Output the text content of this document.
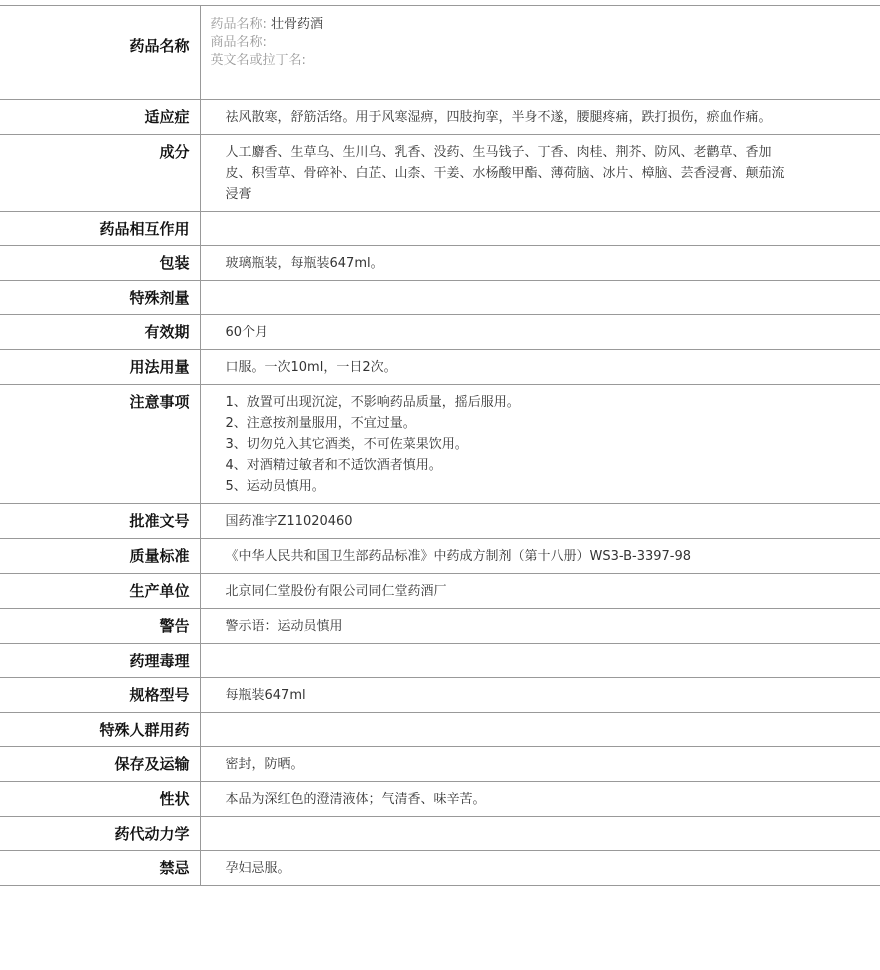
药品名称	药品名称: 壮骨药酒
商品名称:
英文名或拉丁名:

适应症	祛风散寒，舒筋活络。用于风寒湿痹，四肢拘挛，半身不遂，腰腿疼痛，跌打损伤，瘀血作痛。

成分	人工麝香、生草乌、生川乌、乳香、没药、生马钱子、丁香、肉桂、荆芥、防风、老鹳草、香加皮、积雪草、骨碎补、白芷、山柰、干姜、水杨酸甲酯、薄荷脑、冰片、樟脑、芸香浸膏、颠茄流浸膏

药品相互作用	

包装	玻璃瓶装，每瓶装647ml。

特殊剂量	

有效期	60个月

用法用量	口服。一次10ml，一日2次。

注意事项	1、放置可出现沉淀，不影响药品质量，摇后服用。
2、注意按剂量服用，不宜过量。
3、切勿兑入其它酒类，不可佐菜果饮用。
4、对酒精过敏者和不适饮酒者慎用。
5、运动员慎用。

批准文号	国药准字Z11020460

质量标准	《中华人民共和国卫生部药品标准》中药成方制剂（第十八册）WS3-B-3397-98

生产单位	北京同仁堂股份有限公司同仁堂药酒厂

警告	警示语：运动员慎用

药理毒理	

规格型号	每瓶装647ml

特殊人群用药	

保存及运输	密封，防晒。

性状	本品为深红色的澄清液体；气清香、味辛苦。

药代动力学	

禁忌	孕妇忌服。
